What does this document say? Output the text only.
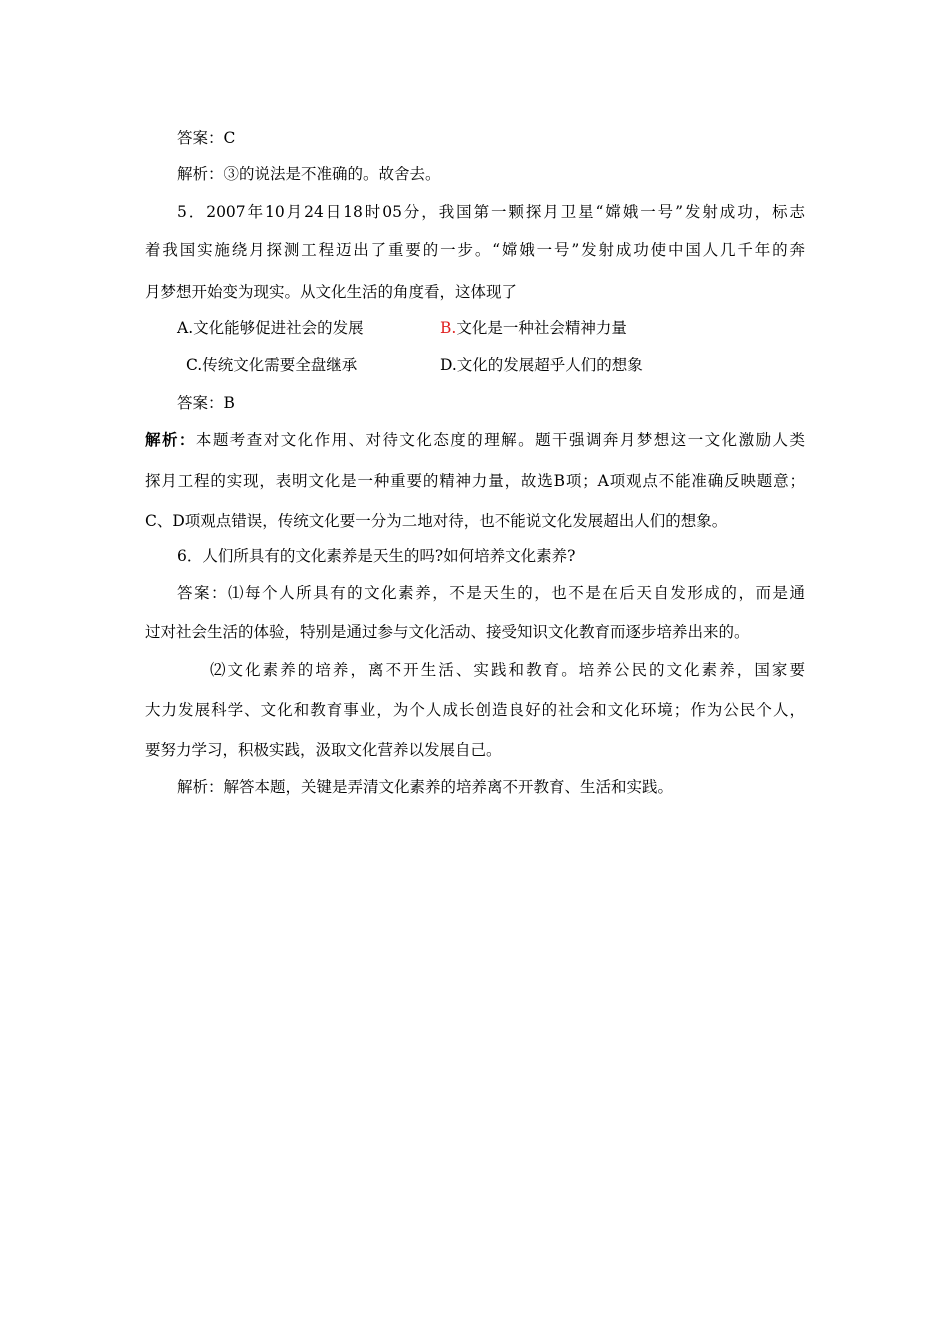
答案：C
解析：③的说法是不准确的。故舍去。
5．2007年10月24日18时05分，我国第一颗探月卫星“嫦娥一号”发射成功，标志
着我国实施绕月探测工程迈出了重要的一步。“嫦娥一号”发射成功使中国人几千年的奔
月梦想开始变为现实。从文化生活的角度看，这体现了
A.文化能够促进社会的发展	B.文化是一种社会精神力量
C.传统文化需要全盘继承	D.文化的发展超乎人们的想象
答案：B
解析：本题考查对文化作用、对待文化态度的理解。题干强调奔月梦想这一文化激励人类
探月工程的实现，表明文化是一种重要的精神力量，故选B项；A项观点不能准确反映题意；
C、D项观点错误，传统文化要一分为二地对待，也不能说文化发展超出人们的想象。
6．人们所具有的文化素养是天生的吗?如何培养文化素养?
答案：⑴每个人所具有的文化素养，不是天生的，也不是在后天自发形成的，而是通
过对社会生活的体验，特别是通过参与文化活动、接受知识文化教育而逐步培养出来的。
⑵文化素养的培养，离不开生活、实践和教育。培养公民的文化素养，国家要
大力发展科学、文化和教育事业，为个人成长创造良好的社会和文化环境；作为公民个人，
要努力学习，积极实践，汲取文化营养以发展自己。
解析：解答本题，关键是弄清文化素养的培养离不开教育、生活和实践。
